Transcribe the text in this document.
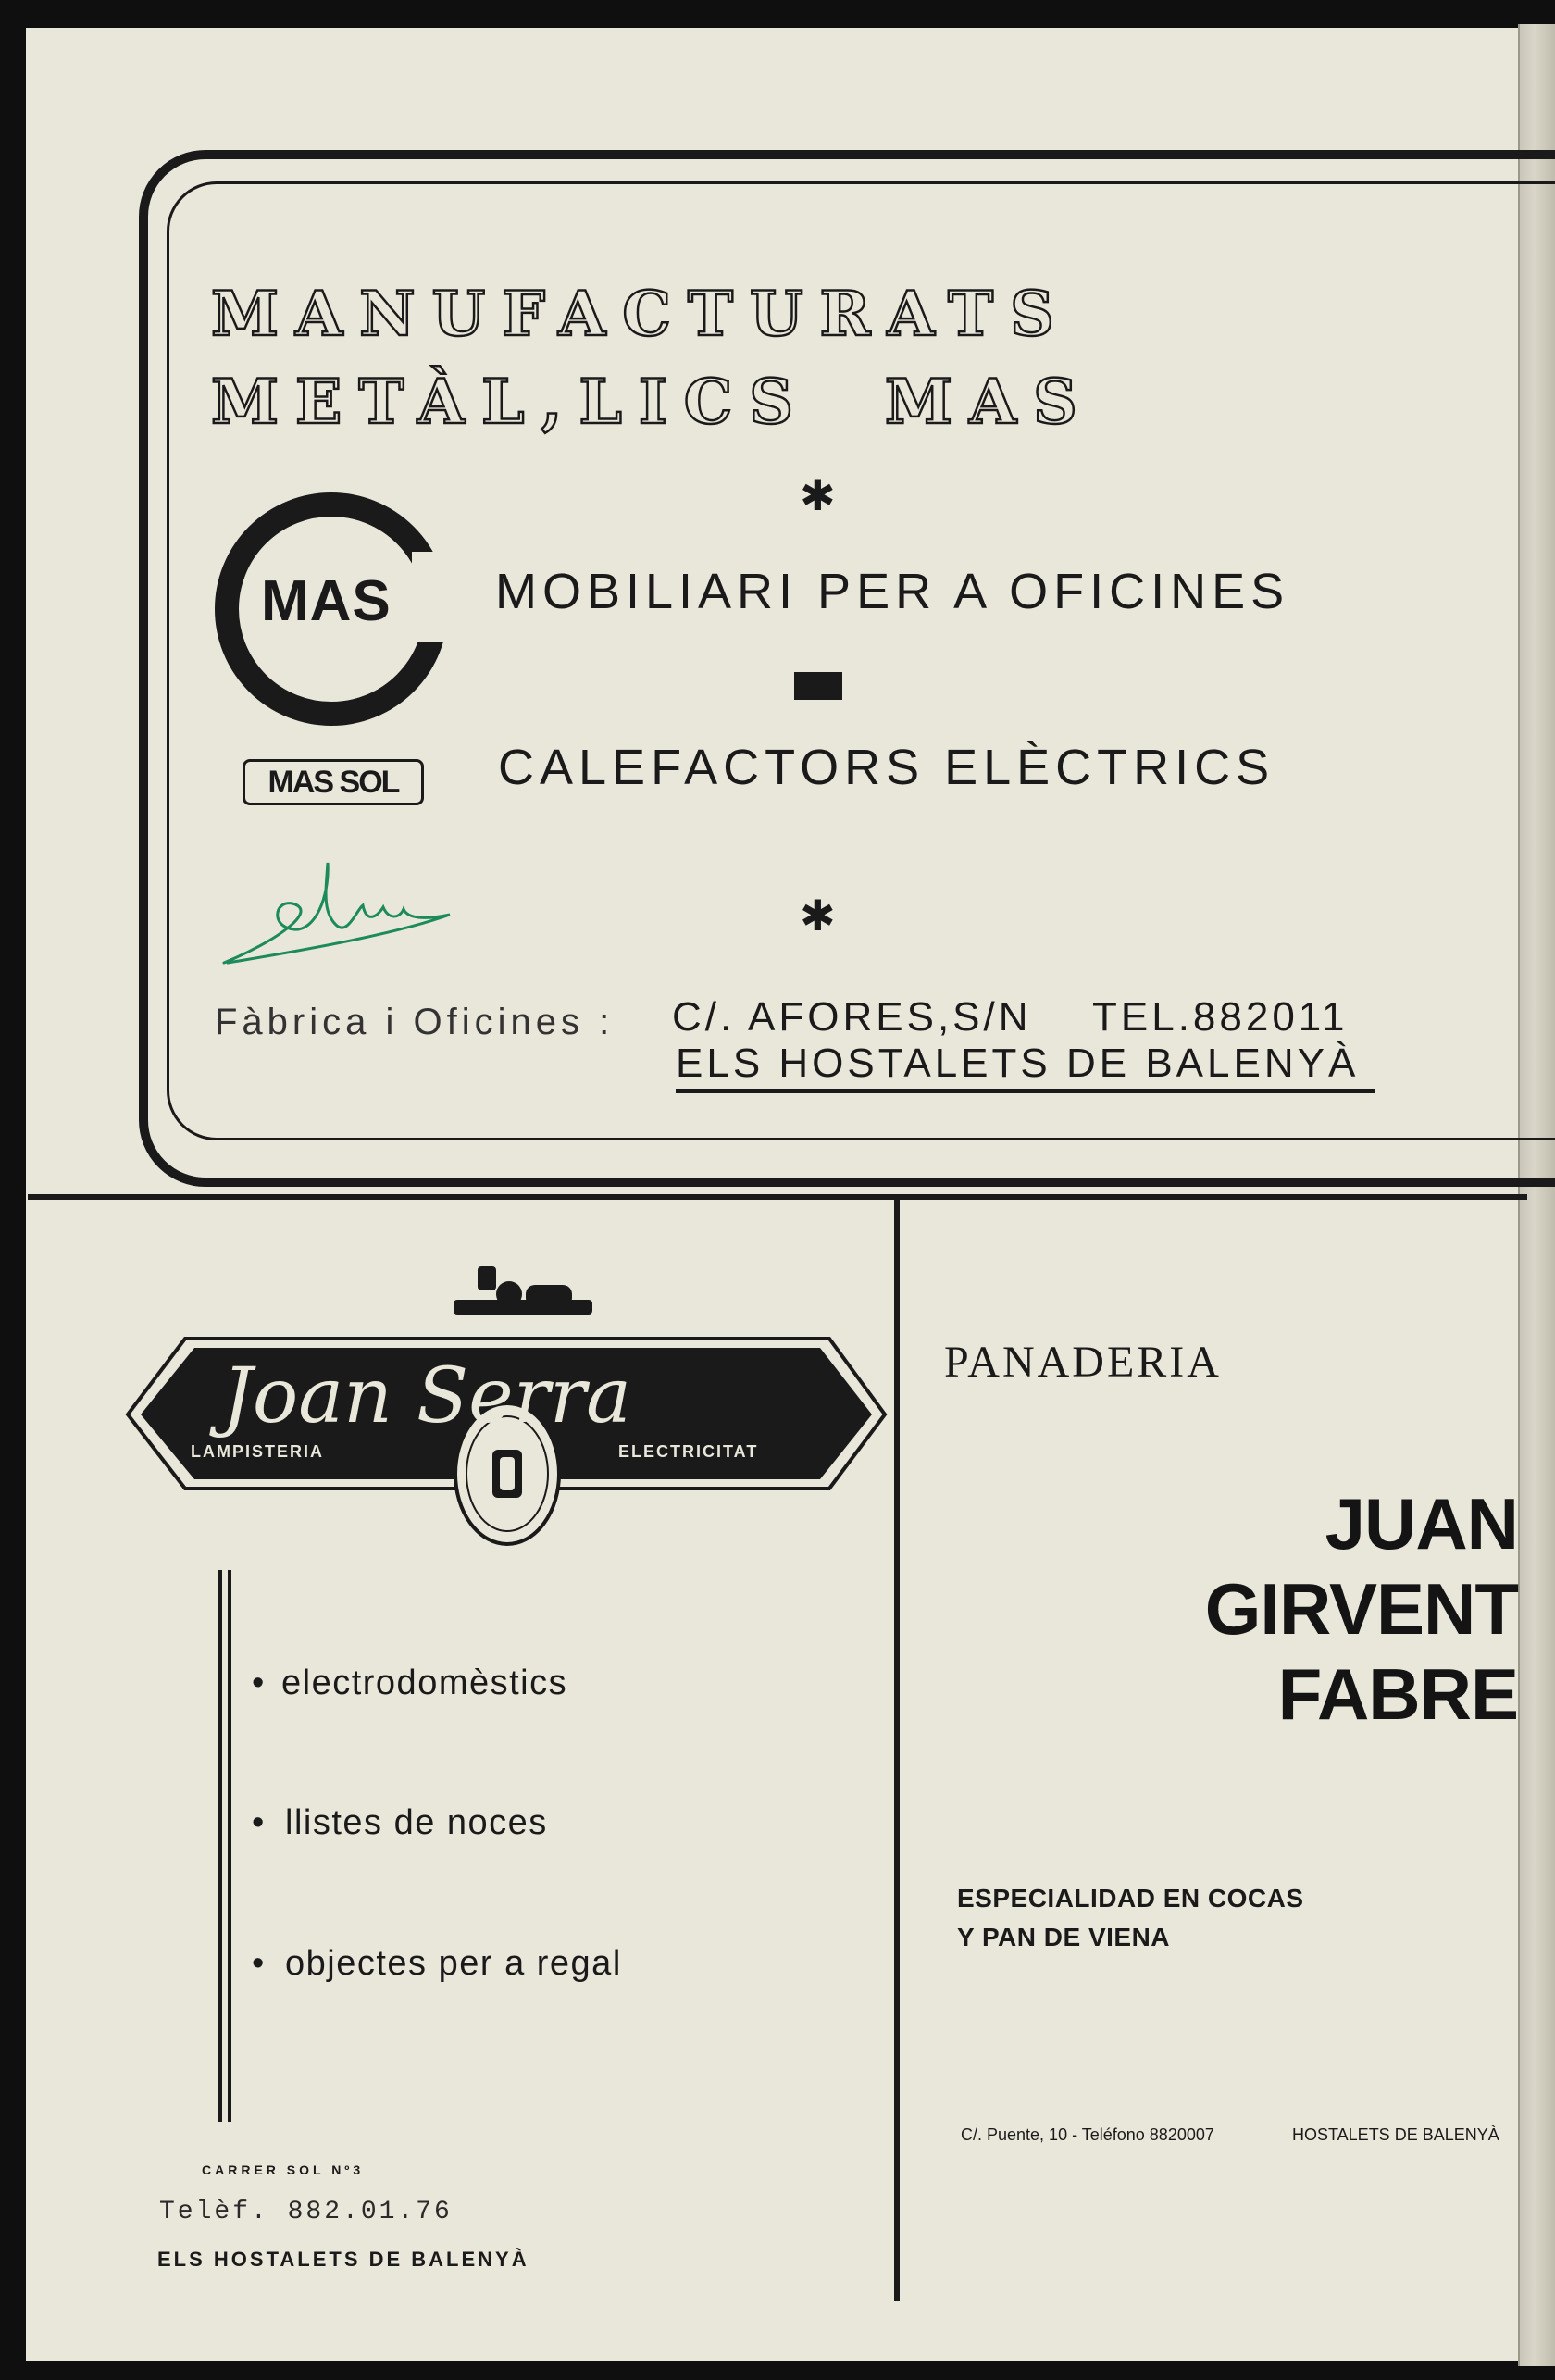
MANUFACTURATS
METÀL,LICS MAS
✱
MAS MOBILIARI PER A OFICINES
MAS SOL	CALEFACTORS ELÈCTRICS
✱
Fàbrica i Oficines : C/. AFORES,S/N TEL.882011
ELS HOSTALETS DE BALENYÀ
Joan Serra
LAMPISTERIA	ELECTRICITAT
• electrodomèstics
• llistes de noces
• objectes per a regal
CARRER SOL Nº3
Telèf. 882.01.76
ELS HOSTALETS DE BALENYÀ
PANADERIA
JUAN
GIRVENT
FABRE
ESPECIALIDAD EN COCAS
Y PAN DE VIENA
C/. Puente, 10 - Teléfono 8820007	HOSTALETS DE BALENYÀ
